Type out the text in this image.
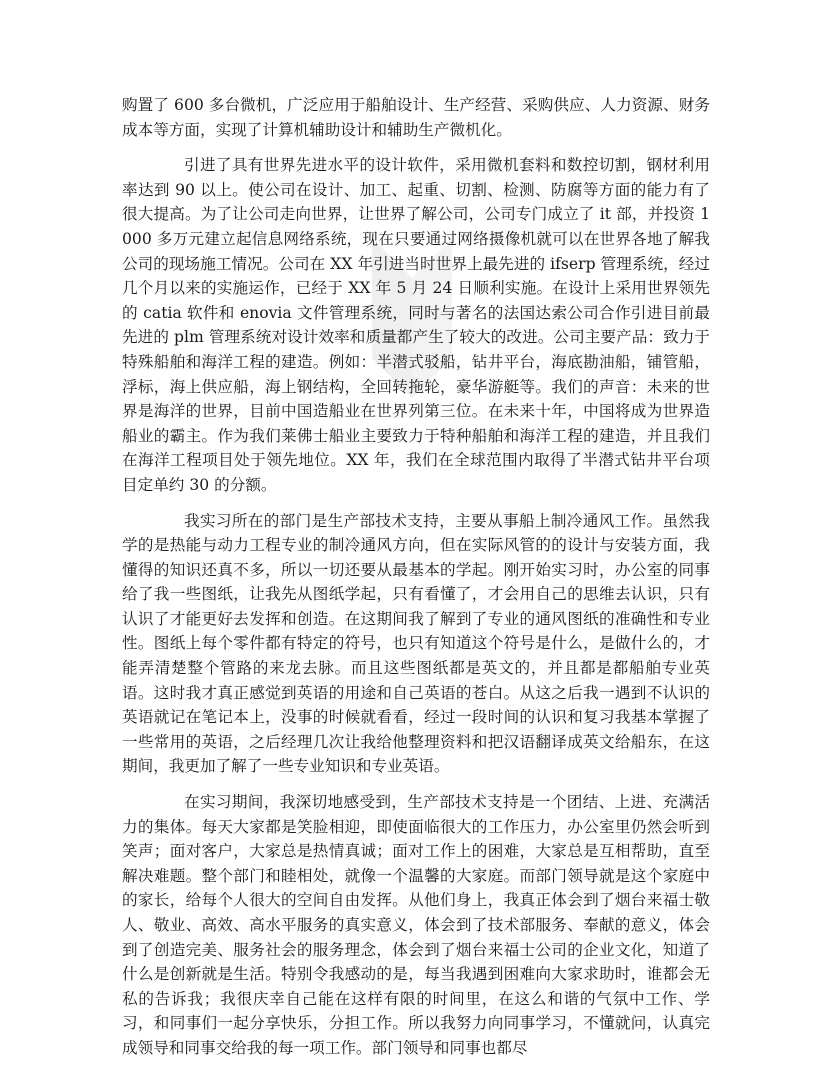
购置了 600 多台微机，广泛应用于船舶设计、生产经营、采购供应、人力资源、财务成本等方面，实现了计算机辅助设计和辅助生产微机化。

引进了具有世界先进水平的设计软件，采用微机套料和数控切割，钢材利用率达到 90 以上。使公司在设计、加工、起重、切割、检测、防腐等方面的能力有了很大提高。为了让公司走向世界，让世界了解公司，公司专门成立了 it 部，并投资 1000 多万元建立起信息网络系统，现在只要通过网络摄像机就可以在世界各地了解我公司的现场施工情况。公司在 XX 年引进当时世界上最先进的 ifserp 管理系统，经过几个月以来的实施运作，已经于 XX 年 5 月 24 日顺利实施。在设计上采用世界领先的 catia 软件和 enovia 文件管理系统，同时与著名的法国达索公司合作引进目前最先进的 plm 管理系统对设计效率和质量都产生了较大的改进。公司主要产品：致力于特殊船舶和海洋工程的建造。例如：半潜式驳船，钻井平台，海底勘油船，铺管船，浮标，海上供应船，海上钢结构，全回转拖轮，豪华游艇等。我们的声音：未来的世界是海洋的世界，目前中国造船业在世界列第三位。在未来十年，中国将成为世界造船业的霸主。作为我们莱佛士船业主要致力于特种船舶和海洋工程的建造，并且我们在海洋工程项目处于领先地位。XX 年，我们在全球范围内取得了半潜式钻井平台项目定单约 30 的分额。

我实习所在的部门是生产部技术支持，主要从事船上制冷通风工作。虽然我学的是热能与动力工程专业的制冷通风方向，但在实际风管的的设计与安装方面，我懂得的知识还真不多，所以一切还要从最基本的学起。刚开始实习时，办公室的同事给了我一些图纸，让我先从图纸学起，只有看懂了，才会用自己的思维去认识，只有认识了才能更好去发挥和创造。在这期间我了解到了专业的通风图纸的准确性和专业性。图纸上每个零件都有特定的符号，也只有知道这个符号是什么，是做什么的，才能弄清楚整个管路的来龙去脉。而且这些图纸都是英文的，并且都是都船舶专业英语。这时我才真正感觉到英语的用途和自己英语的苍白。从这之后我一遇到不认识的英语就记在笔记本上，没事的时候就看看，经过一段时间的认识和复习我基本掌握了一些常用的英语，之后经理几次让我给他整理资料和把汉语翻译成英文给船东，在这期间，我更加了解了一些专业知识和专业英语。

在实习期间，我深切地感受到，生产部技术支持是一个团结、上进、充满活力的集体。每天大家都是笑脸相迎，即使面临很大的工作压力，办公室里仍然会听到笑声；面对客户，大家总是热情真诚；面对工作上的困难，大家总是互相帮助，直至解决难题。整个部门和睦相处，就像一个温馨的大家庭。而部门领导就是这个家庭中的家长，给每个人很大的空间自由发挥。从他们身上，我真正体会到了烟台来福士敬人、敬业、高效、高水平服务的真实意义，体会到了技术部服务、奉献的意义，体会到了创造完美、服务社会的服务理念，体会到了烟台来福士公司的企业文化，知道了什么是创新就是生活。特别令我感动的是，每当我遇到困难向大家求助时，谁都会无私的告诉我；我很庆幸自己能在这样有限的时间里，在这么和谐的气氛中工作、学习，和同事们一起分享快乐，分担工作。所以我努力向同事学习，不懂就问，认真完成领导和同事交给我的每一项工作。部门领导和同事也都尽
